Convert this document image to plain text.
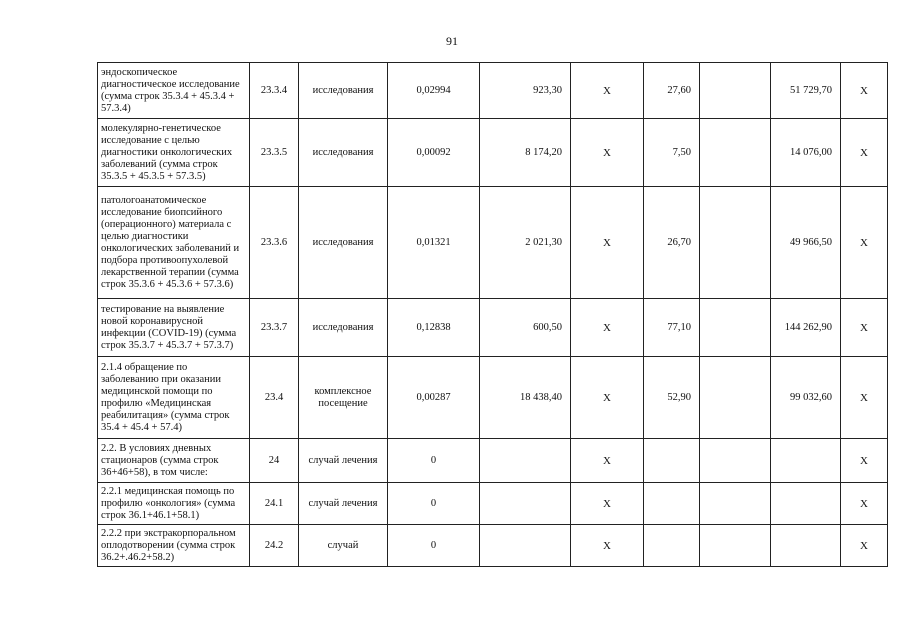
91
эндоскопическое диагностическое исследование (сумма строк 35.3.4 + 45.3.4 + 57.3.4)	23.3.4	исследования	0,02994	923,30	Х	27,60		51 729,70	Х
молекулярно-генетическое исследование с целью диагностики онкологических заболеваний (сумма строк 35.3.5 + 45.3.5 + 57.3.5)	23.3.5	исследования	0,00092	8 174,20	Х	7,50		14 076,00	Х
патологоанатомическое исследование биопсийного (операционного) материала с целью диагностики онкологических заболеваний и подбора противоопухолевой лекарственной терапии (сумма строк 35.3.6 + 45.3.6 + 57.3.6)	23.3.6	исследования	0,01321	2 021,30	Х	26,70		49 966,50	Х
тестирование на выявление новой коронавирусной инфекции (COVID-19) (сумма строк 35.3.7 + 45.3.7 + 57.3.7)	23.3.7	исследования	0,12838	600,50	Х	77,10		144 262,90	Х
2.1.4 обращение по заболеванию при оказании медицинской помощи по профилю «Медицинская реабилитация» (сумма строк 35.4 + 45.4 + 57.4)	23.4	комплексное посещение	0,00287	18 438,40	Х	52,90		99 032,60	Х
2.2. В условиях дневных стационаров (сумма строк 36+46+58), в том числе:	24	случай лечения	0		Х				Х
2.2.1 медицинская помощь по профилю «онкология» (сумма строк 36.1+46.1+58.1)	24.1	случай лечения	0		Х				Х
2.2.2 при экстракорпоральном оплодотворении (сумма строк 36.2+.46.2+58.2)	24.2	случай	0		Х				Х
